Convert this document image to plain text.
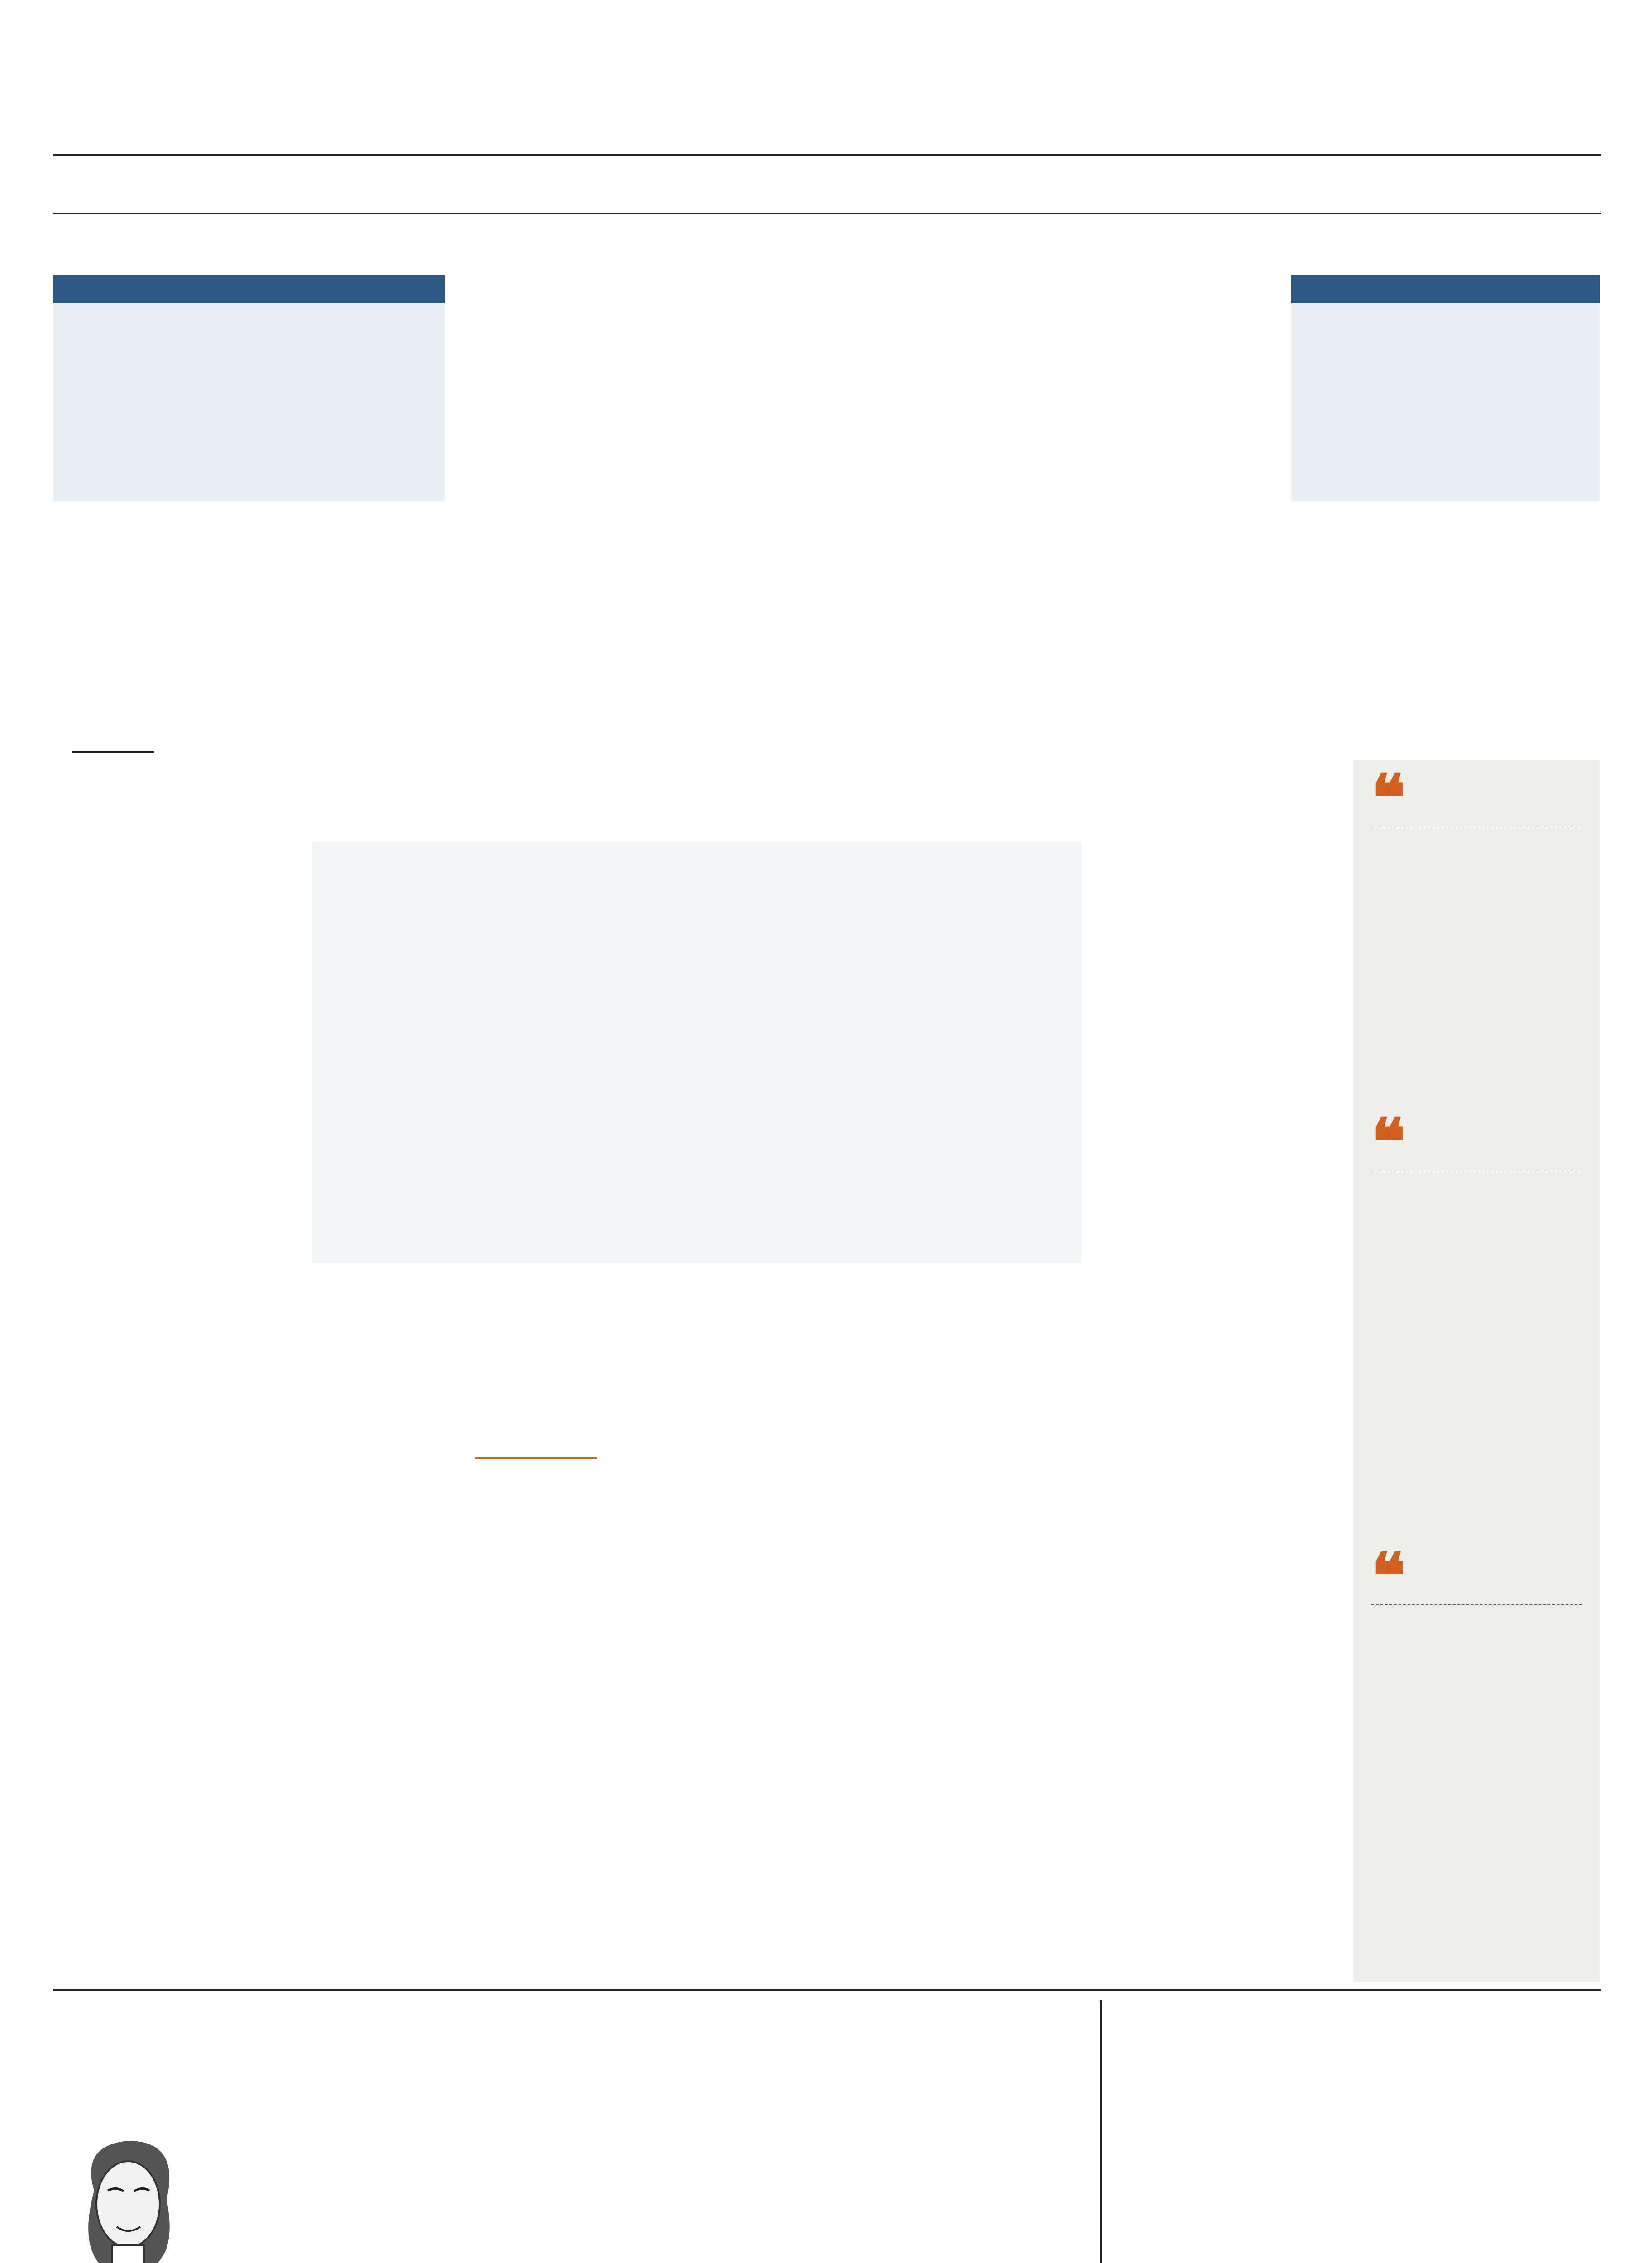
❝
❝
❝
